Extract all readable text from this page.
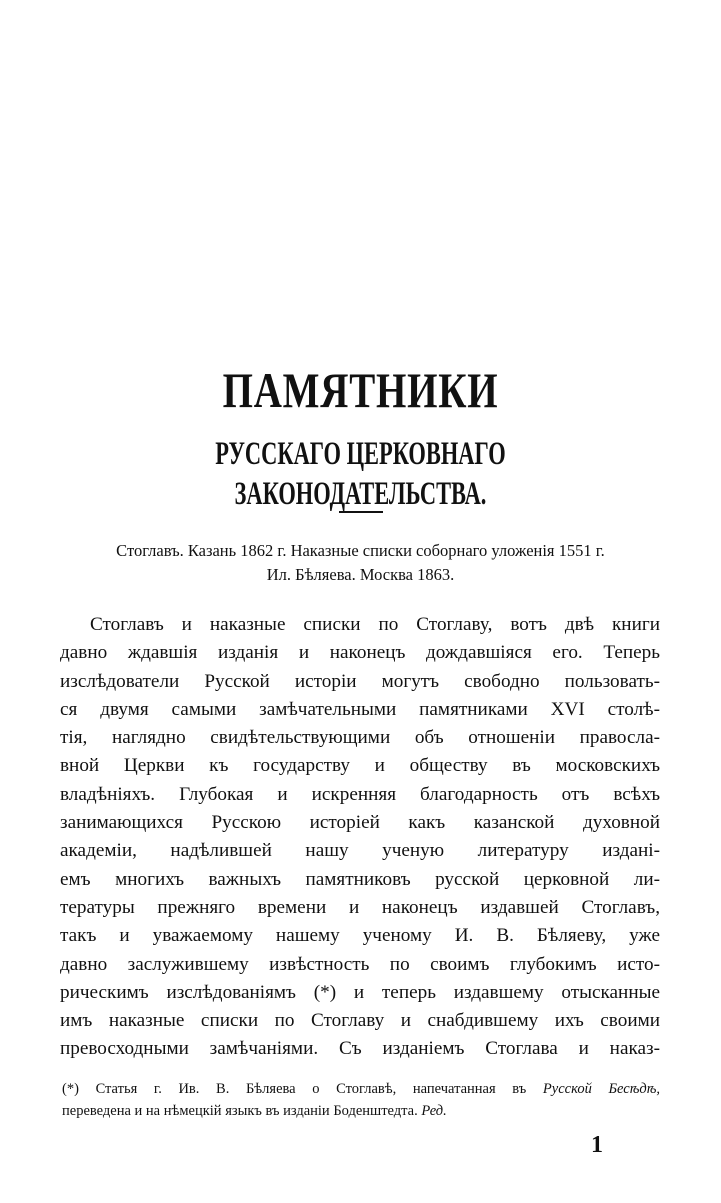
ПАМЯТНИКИ
РУССКАГО ЦЕРКОВНАГО ЗАКОНОДАТЕЛЬСТВА.
Стоглавъ. Казань 1862 г. Наказные списки соборнаго уложенія 1551 г.
Ил. Бѣляева. Москва 1863.
Стоглавъ и наказные списки по Стоглаву, вотъ двѣ книги
давно ждавшія изданія и наконецъ дождавшіяся его. Теперь
изслѣдователи Русской исторіи могутъ свободно пользовать-
ся двумя самыми замѣчательными памятниками XVI столѣ-
тія, наглядно свидѣтельствующими объ отношеніи правосла-
вной Церкви къ государству и обществу въ московскихъ
владѣніяхъ. Глубокая и искренняя благодарность отъ всѣхъ
занимающихся Русскою исторіей какъ казанской духовной
академіи, надѣлившей нашу ученую литературу издані-
емъ многихъ важныхъ памятниковъ русской церковной ли-
тературы прежняго времени и наконецъ издавшей Стоглавъ,
такъ и уважаемому нашему ученому И. В. Бѣляеву, уже
давно заслужившему извѣстность по своимъ глубокимъ исто-
рическимъ изслѣдованіямъ (*) и теперь издавшему отысканные
имъ наказные списки по Стоглаву и снабдившему ихъ своими
превосходными замѣчаніями. Съ изданіемъ Стоглава и наказ-
(*) Статья г. Ив. В. Бѣляева о Стоглавѣ, напечатанная въ Русской Бесѣдѣ,
переведена и на нѣмецкій языкъ въ изданіи Боденштедта. Ред.
1
